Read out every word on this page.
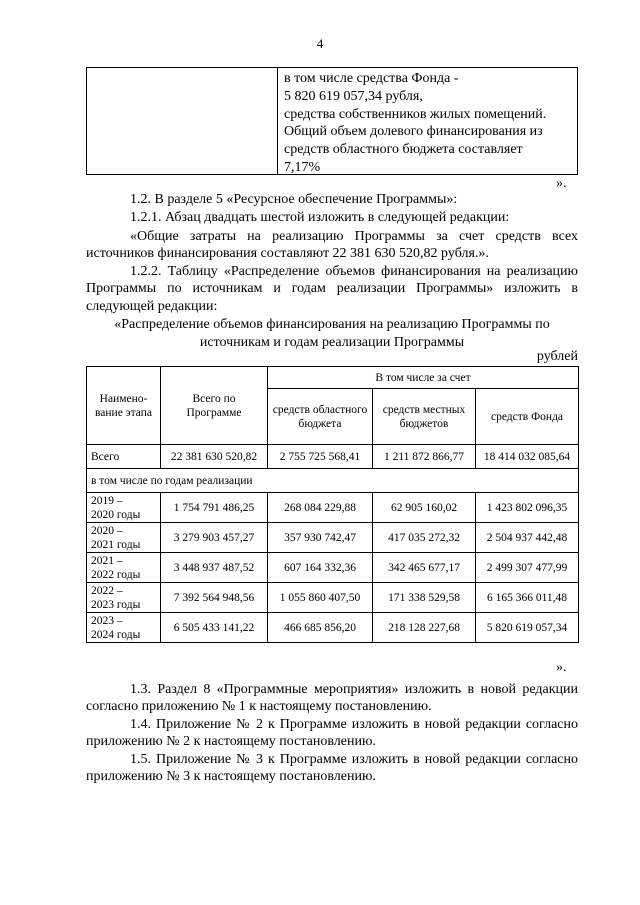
4
в том числе средства Фонда -
5 820 619 057,34 рубля,
средства собственников жилых помещений.
Общий объем долевого финансирования из
средств областного бюджета составляет
7,17%
».
1.2. В разделе 5 «Ресурсное обеспечение Программы»:
1.2.1. Абзац двадцать шестой изложить в следующей редакции:
«Общие затраты на реализацию Программы за счет средств всех источников финансирования составляют 22 381 630 520,82 рубля.».
1.2.2. Таблицу «Распределение объемов финансирования на реализацию Программы по источникам и годам реализации Программы» изложить в следующей редакции:
«Распределение объемов финансирования на реализацию Программы по источникам и годам реализации Программы
рублей
Наимено-вание этапа	Всего по Программе	В том числе за счет		
		средств областного бюджета	средств местных бюджетов	средств Фонда
Всего	22 381 630 520,82	2 755 725 568,41	1 211 872 866,77	18 414 032 085,64
в том числе по годам реализации				

2019 –
2020 годы	1 754 791 486,25	268 084 229,88	62 905 160,02	1 423 802 096,35

2020 –
2021 годы	3 279 903 457,27	357 930 742,47	417 035 272,32	2 504 937 442,48

2021 –
2022 годы	3 448 937 487,52	607 164 332,36	342 465 677,17	2 499 307 477,99

2022 –
2023 годы	7 392 564 948,56	1 055 860 407,50	171 338 529,58	6 165 366 011,48

2023 –
2024 годы	6 505 433 141,22	466 685 856,20	218 128 227,68	5 820 619 057,34
».
1.3. Раздел 8 «Программные мероприятия» изложить в новой редакции согласно приложению № 1 к настоящему постановлению.
1.4. Приложение № 2 к Программе изложить в новой редакции согласно приложению № 2 к настоящему постановлению.
1.5. Приложение № 3 к Программе изложить в новой редакции согласно приложению № 3 к настоящему постановлению.
